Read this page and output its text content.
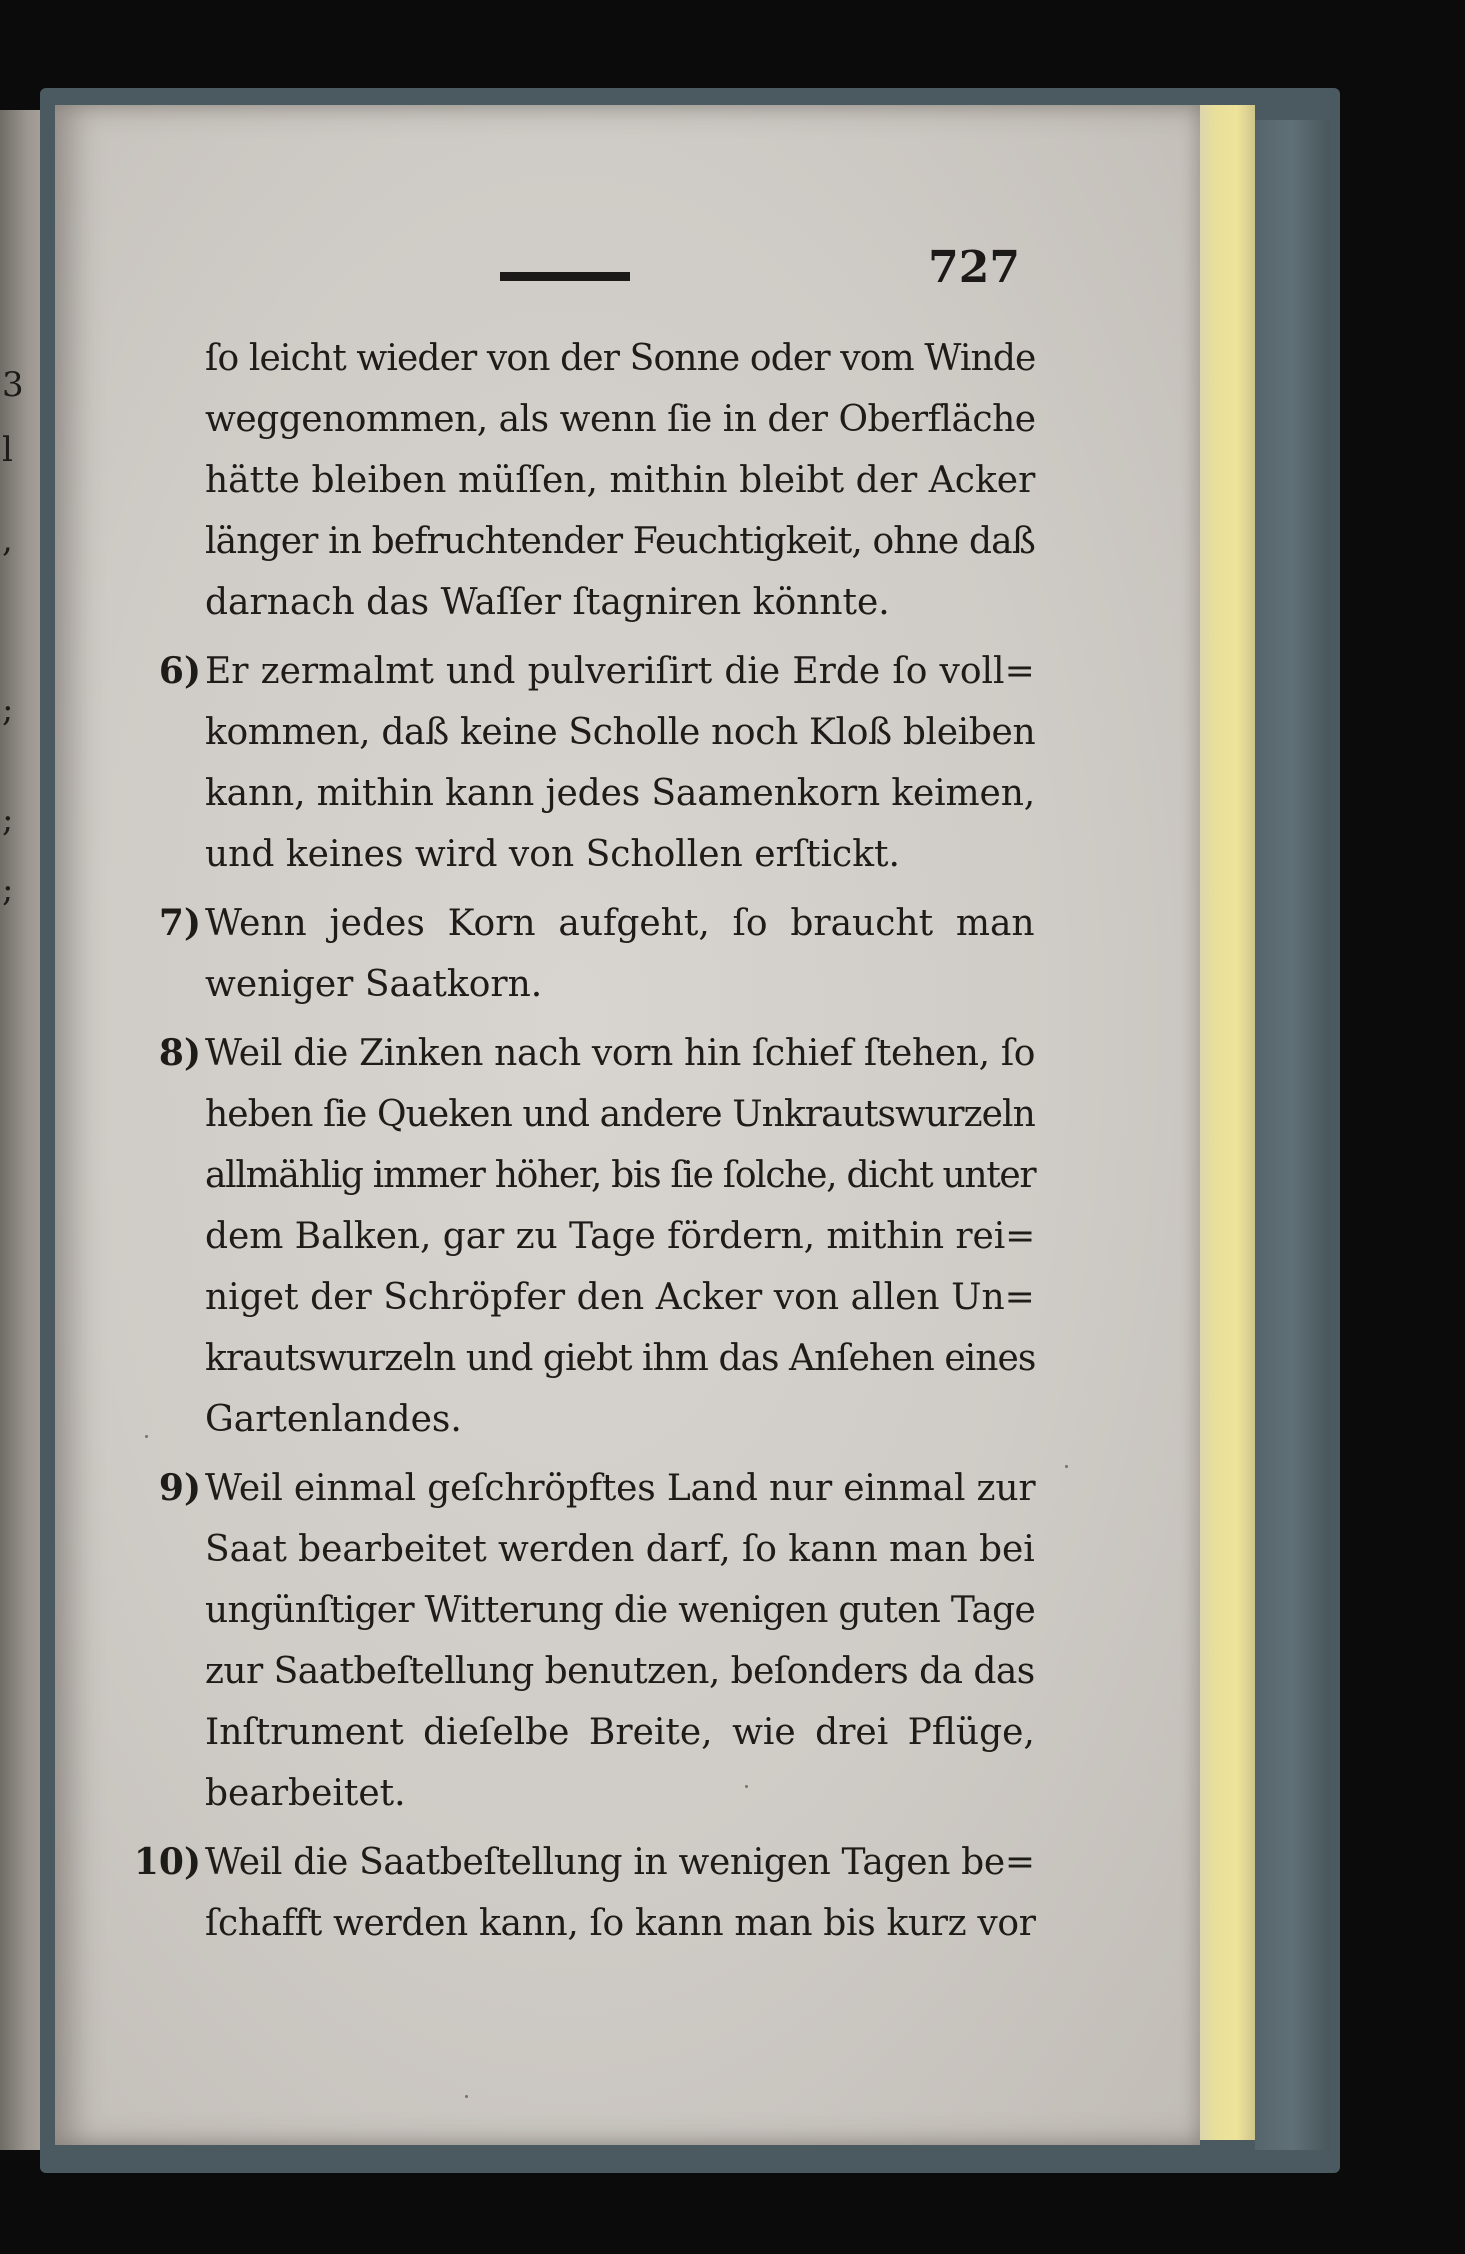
3
l
,
;
;
;
727
ſo leicht wieder von der Sonne oder vom Winde
weggenommen, als wenn ſie in der Oberfläche
hätte bleiben müſſen, mithin bleibt der Acker
länger in befruchtender Feuchtigkeit, ohne daß
darnach das Waſſer ſtagniren könnte.
6) Er zermalmt und pulveriſirt die Erde ſo voll=
kommen, daß keine Scholle noch Kloß bleiben
kann, mithin kann jedes Saamenkorn keimen,
und keines wird von Schollen erſtickt.
7) Wenn jedes Korn aufgeht, ſo braucht man
weniger Saatkorn.
8) Weil die Zinken nach vorn hin ſchief ſtehen, ſo
heben ſie Queken und andere Unkrautswurzeln
allmählig immer höher, bis ſie ſolche, dicht unter
dem Balken, gar zu Tage fördern, mithin rei=
niget der Schröpfer den Acker von allen Un=
krautswurzeln und giebt ihm das Anſehen eines
Gartenlandes.
9) Weil einmal geſchröpftes Land nur einmal zur
Saat bearbeitet werden darf, ſo kann man bei
ungünſtiger Witterung die wenigen guten Tage
zur Saatbeſtellung benutzen, beſonders da das
Inſtrument dieſelbe Breite, wie drei Pflüge,
bearbeitet.
10) Weil die Saatbeſtellung in wenigen Tagen be=
ſchafft werden kann, ſo kann man bis kurz vor
